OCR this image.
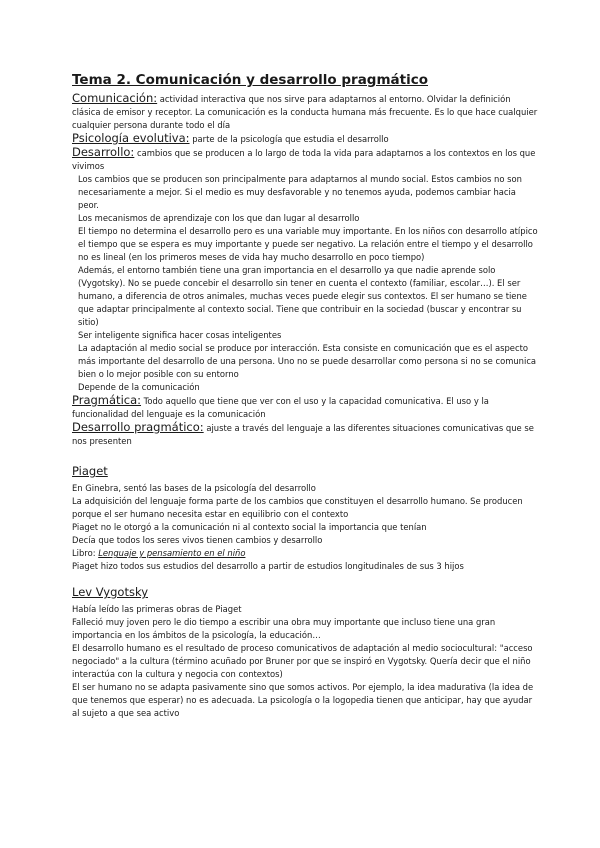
Tema 2. Comunicación y desarrollo pragmático

Comunicación: actividad interactiva que nos sirve para adaptarnos al entorno. Olvidar la definición clásica de emisor y receptor. La comunicación es la conducta humana más frecuente. Es lo que hace cualquier cualquier persona durante todo el día

Psicología evolutiva: parte de la psicología que estudia el desarrollo

Desarrollo: cambios que se producen a lo largo de toda la vida para adaptarnos a los contextos en los que vivimos

Los cambios que se producen son principalmente para adaptarnos al mundo social. Estos cambios no son necesariamente a mejor. Si el medio es muy desfavorable y no tenemos ayuda, podemos cambiar hacia peor.

Los mecanismos de aprendizaje con los que dan lugar al desarrollo

El tiempo no determina el desarrollo pero es una variable muy importante. En los niños con desarrollo atípico el tiempo que se espera es muy importante y puede ser negativo. La relación entre el tiempo y el desarrollo no es lineal (en los primeros meses de vida hay mucho desarrollo en poco tiempo)

Además, el entorno también tiene una gran importancia en el desarrollo ya que nadie aprende solo (Vygotsky). No se puede concebir el desarrollo sin tener en cuenta el contexto (familiar, escolar…). El ser humano, a diferencia de otros animales, muchas veces puede elegir sus contextos. El ser humano se tiene que adaptar principalmente al contexto social. Tiene que contribuir en la sociedad (buscar y encontrar su sitio)

Ser inteligente significa hacer cosas inteligentes

La adaptación al medio social se produce por interacción. Esta consiste en comunicación que es el aspecto más importante del desarrollo de una persona. Uno no se puede desarrollar como persona si no se comunica bien o lo mejor posible con su entorno

Depende de la comunicación

Pragmática: Todo aquello que tiene que ver con el uso y la capacidad comunicativa. El uso y la funcionalidad del lenguaje es la comunicación

Desarrollo pragmático: ajuste a través del lenguaje a las diferentes situaciones comunicativas que se nos presenten

Piaget

En Ginebra, sentó las bases de la psicología del desarrollo

La adquisición del lenguaje forma parte de los cambios que constituyen el desarrollo humano. Se producen porque el ser humano necesita estar en equilibrio con el contexto

Piaget no le otorgó a la comunicación ni al contexto social la importancia que tenían

Decía que todos los seres vivos tienen cambios y desarrollo

Libro: Lenguaje y pensamiento en el niño

Piaget hizo todos sus estudios del desarrollo a partir de estudios longitudinales de sus 3 hijos

Lev Vygotsky

Había leído las primeras obras de Piaget

Falleció muy joven pero le dio tiempo a escribir una obra muy importante que incluso tiene una gran importancia en los ámbitos de la psicología, la educación…

El desarrollo humano es el resultado de proceso comunicativos de adaptación al medio sociocultural: "acceso negociado" a la cultura (término acuñado por Bruner por que se inspiró en Vygotsky. Quería decir que el niño interactúa con la cultura y negocia con contextos)

El ser humano no se adapta pasivamente sino que somos activos. Por ejemplo, la idea madurativa (la idea de que tenemos que esperar) no es adecuada. La psicología o la logopedia tienen que anticipar, hay que ayudar al sujeto a que sea activo
